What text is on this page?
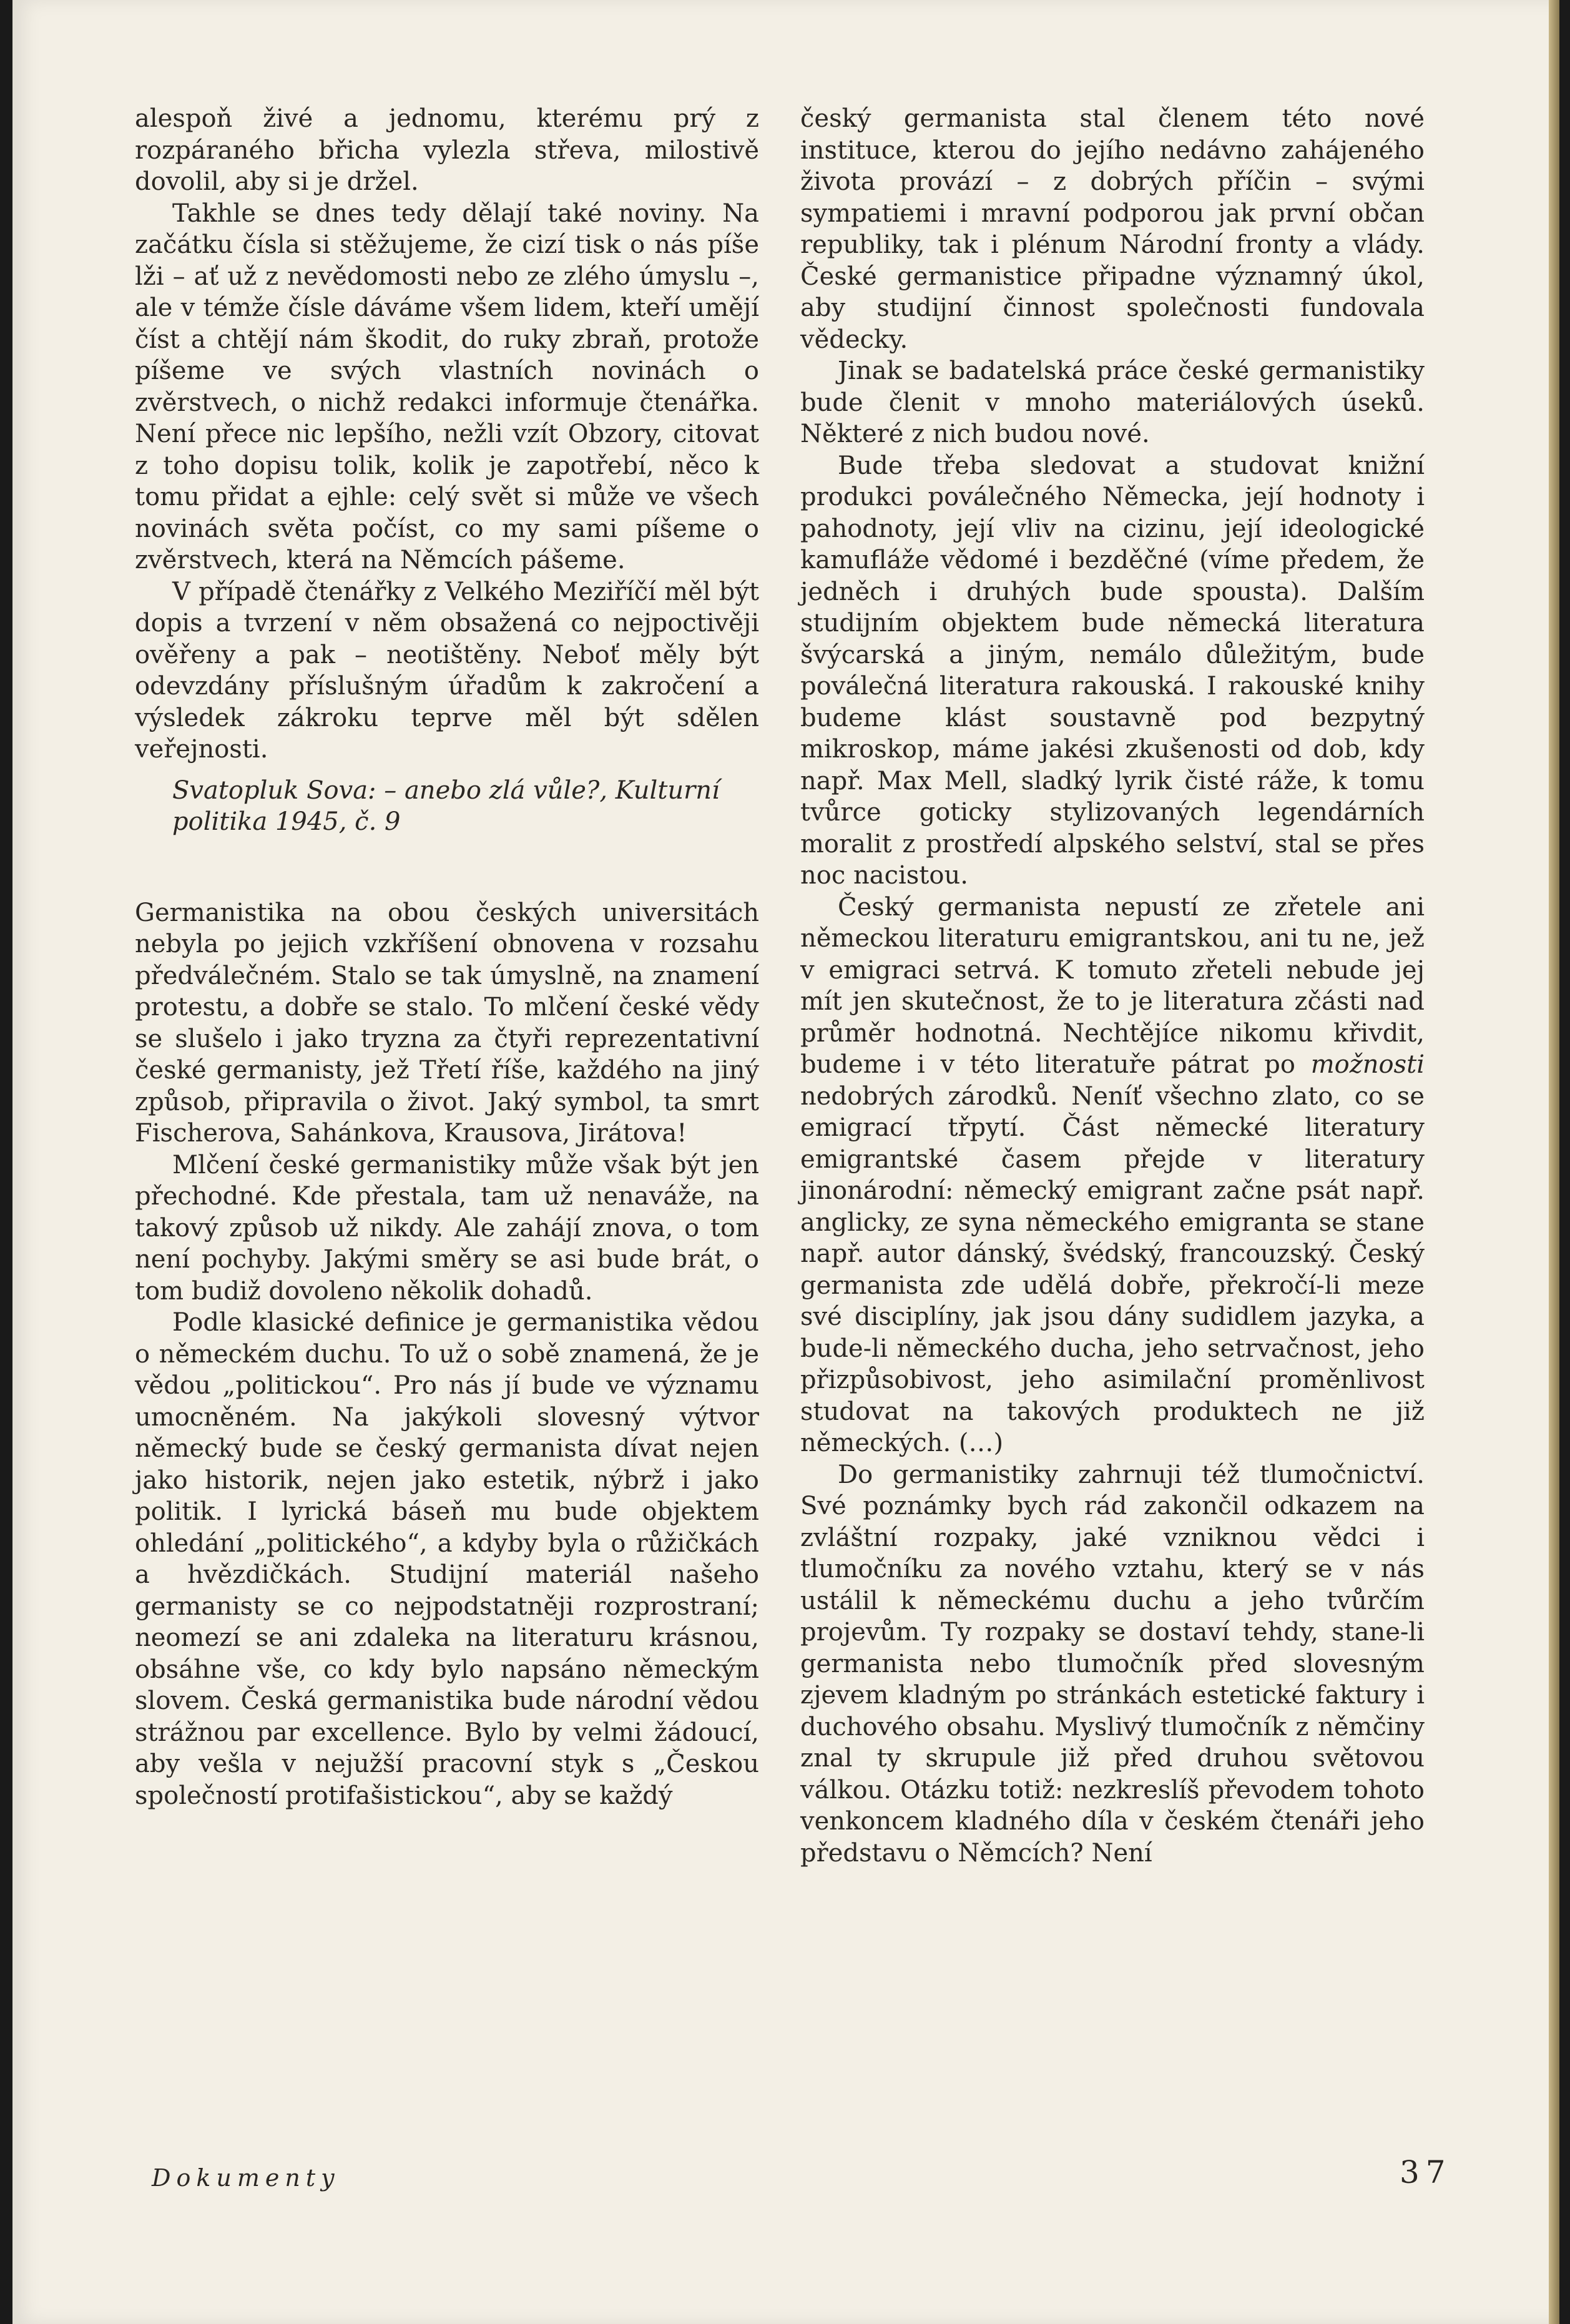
alespoň živé a jednomu, kterému prý z rozpáraného břicha vylezla střeva, milostivě dovolil, aby si je držel.

Takhle se dnes tedy dělají také noviny. Na začátku čísla si stěžujeme, že cizí tisk o nás píše lži – ať už z nevědomosti nebo ze zlého úmyslu –, ale v témže čísle dáváme všem lidem, kteří umějí číst a chtějí nám škodit, do ruky zbraň, protože píšeme ve svých vlastních novinách o zvěrstvech, o nichž redakci informuje čtenářka. Není přece nic lepšího, nežli vzít Obzory, citovat z toho dopisu tolik, kolik je zapotřebí, něco k tomu přidat a ejhle: celý svět si může ve všech novinách světa počíst, co my sami píšeme o zvěrstvech, která na Němcích pášeme.

V případě čtenářky z Velkého Meziříčí měl být dopis a tvrzení v něm obsažená co nejpoctivěji ověřeny a pak – neotištěny. Neboť měly být odevzdány příslušným úřadům k zakročení a výsledek zákroku teprve měl být sdělen veřejnosti.

Svatopluk Sova: – anebo zlá vůle?, Kulturní politika 1945, č. 9

Germanistika na obou českých universitách nebyla po jejich vzkříšení obnovena v rozsahu předválečném. Stalo se tak úmyslně, na znamení protestu, a dobře se stalo. To mlčení české vědy se slušelo i jako tryzna za čtyři reprezentativní české germanisty, jež Třetí říše, každého na jiný způsob, připravila o život. Jaký symbol, ta smrt Fischerova, Sahánkova, Krausova, Jirátova!

Mlčení české germanistiky může však být jen přechodné. Kde přestala, tam už nenaváže, na takový způsob už nikdy. Ale zahájí znova, o tom není pochyby. Jakými směry se asi bude brát, o tom budiž dovoleno několik dohadů.

Podle klasické definice je germanistika vědou o německém duchu. To už o sobě znamená, že je vědou „politickou“. Pro nás jí bude ve významu umocněném. Na jakýkoli slovesný výtvor německý bude se český germanista dívat nejen jako historik, nejen jako estetik, nýbrž i jako politik. I lyrická báseň mu bude objektem ohledání „politického“, a kdyby byla o růžičkách a hvězdičkách. Studijní materiál našeho germanisty se co nejpodstatněji rozprostraní; neomezí se ani zdaleka na literaturu krásnou, obsáhne vše, co kdy bylo napsáno německým slovem. Česká germanistika bude národní vědou strážnou par excellence. Bylo by velmi žádoucí, aby vešla v nejužší pracovní styk s „Českou společností protifašistickou“, aby se každý

český germanista stal členem této nové instituce, kterou do jejího nedávno zahájeného života provází – z dobrých příčin – svými sympatiemi i mravní podporou jak první občan republiky, tak i plénum Národní fronty a vlády. České germanistice připadne významný úkol, aby studijní činnost společnosti fundovala vědecky.

Jinak se badatelská práce české germanistiky bude členit v mnoho materiálových úseků. Některé z nich budou nové.

Bude třeba sledovat a studovat knižní produkci poválečného Německa, její hodnoty i pahodnoty, její vliv na cizinu, její ideologické kamufláže vědomé i bezděčné (víme předem, že jedněch i druhých bude spousta). Dalším studijním objektem bude německá literatura švýcarská a jiným, nemálo důležitým, bude poválečná literatura rakouská. I rakouské knihy budeme klást soustavně pod bezpytný mikroskop, máme jakési zkušenosti od dob, kdy např. Max Mell, sladký lyrik čisté ráže, k tomu tvůrce goticky stylizovaných legendárních moralit z prostředí alpského selství, stal se přes noc nacistou.

Český germanista nepustí ze zřetele ani německou literaturu emigrantskou, ani tu ne, jež v emigraci setrvá. K tomuto zřeteli nebude jej mít jen skutečnost, že to je literatura zčásti nad průměr hodnotná. Nechtějíce nikomu křivdit, budeme i v této literatuře pátrat po možnosti nedobrých zárodků. Neníť všechno zlato, co se emigrací třpytí. Část německé literatury emigrantské časem přejde v literatury jinonárodní: německý emigrant začne psát např. anglicky, ze syna německého emigranta se stane např. autor dánský, švédský, francouzský. Český germanista zde udělá dobře, překročí-li meze své disciplíny, jak jsou dány sudidlem jazyka, a bude-li německého ducha, jeho setrvačnost, jeho přizpůsobivost, jeho asimilační proměnlivost studovat na takových produktech ne již německých. (…)

Do germanistiky zahrnuji též tlumočnictví. Své poznámky bych rád zakončil odkazem na zvláštní rozpaky, jaké vzniknou vědci i tlumočníku za nového vztahu, který se v nás ustálil k německému duchu a jeho tvůrčím projevům. Ty rozpaky se dostaví tehdy, stane-li germanista nebo tlumočník před slovesným zjevem kladným po stránkách estetické faktury i duchového obsahu. Myslivý tlumočník z němčiny znal ty skrupule již před druhou světovou válkou. Otázku totiž: nezkreslíš převodem tohoto venkoncem kladného díla v českém čtenáři jeho představu o Němcích? Není

Dokumenty	37
